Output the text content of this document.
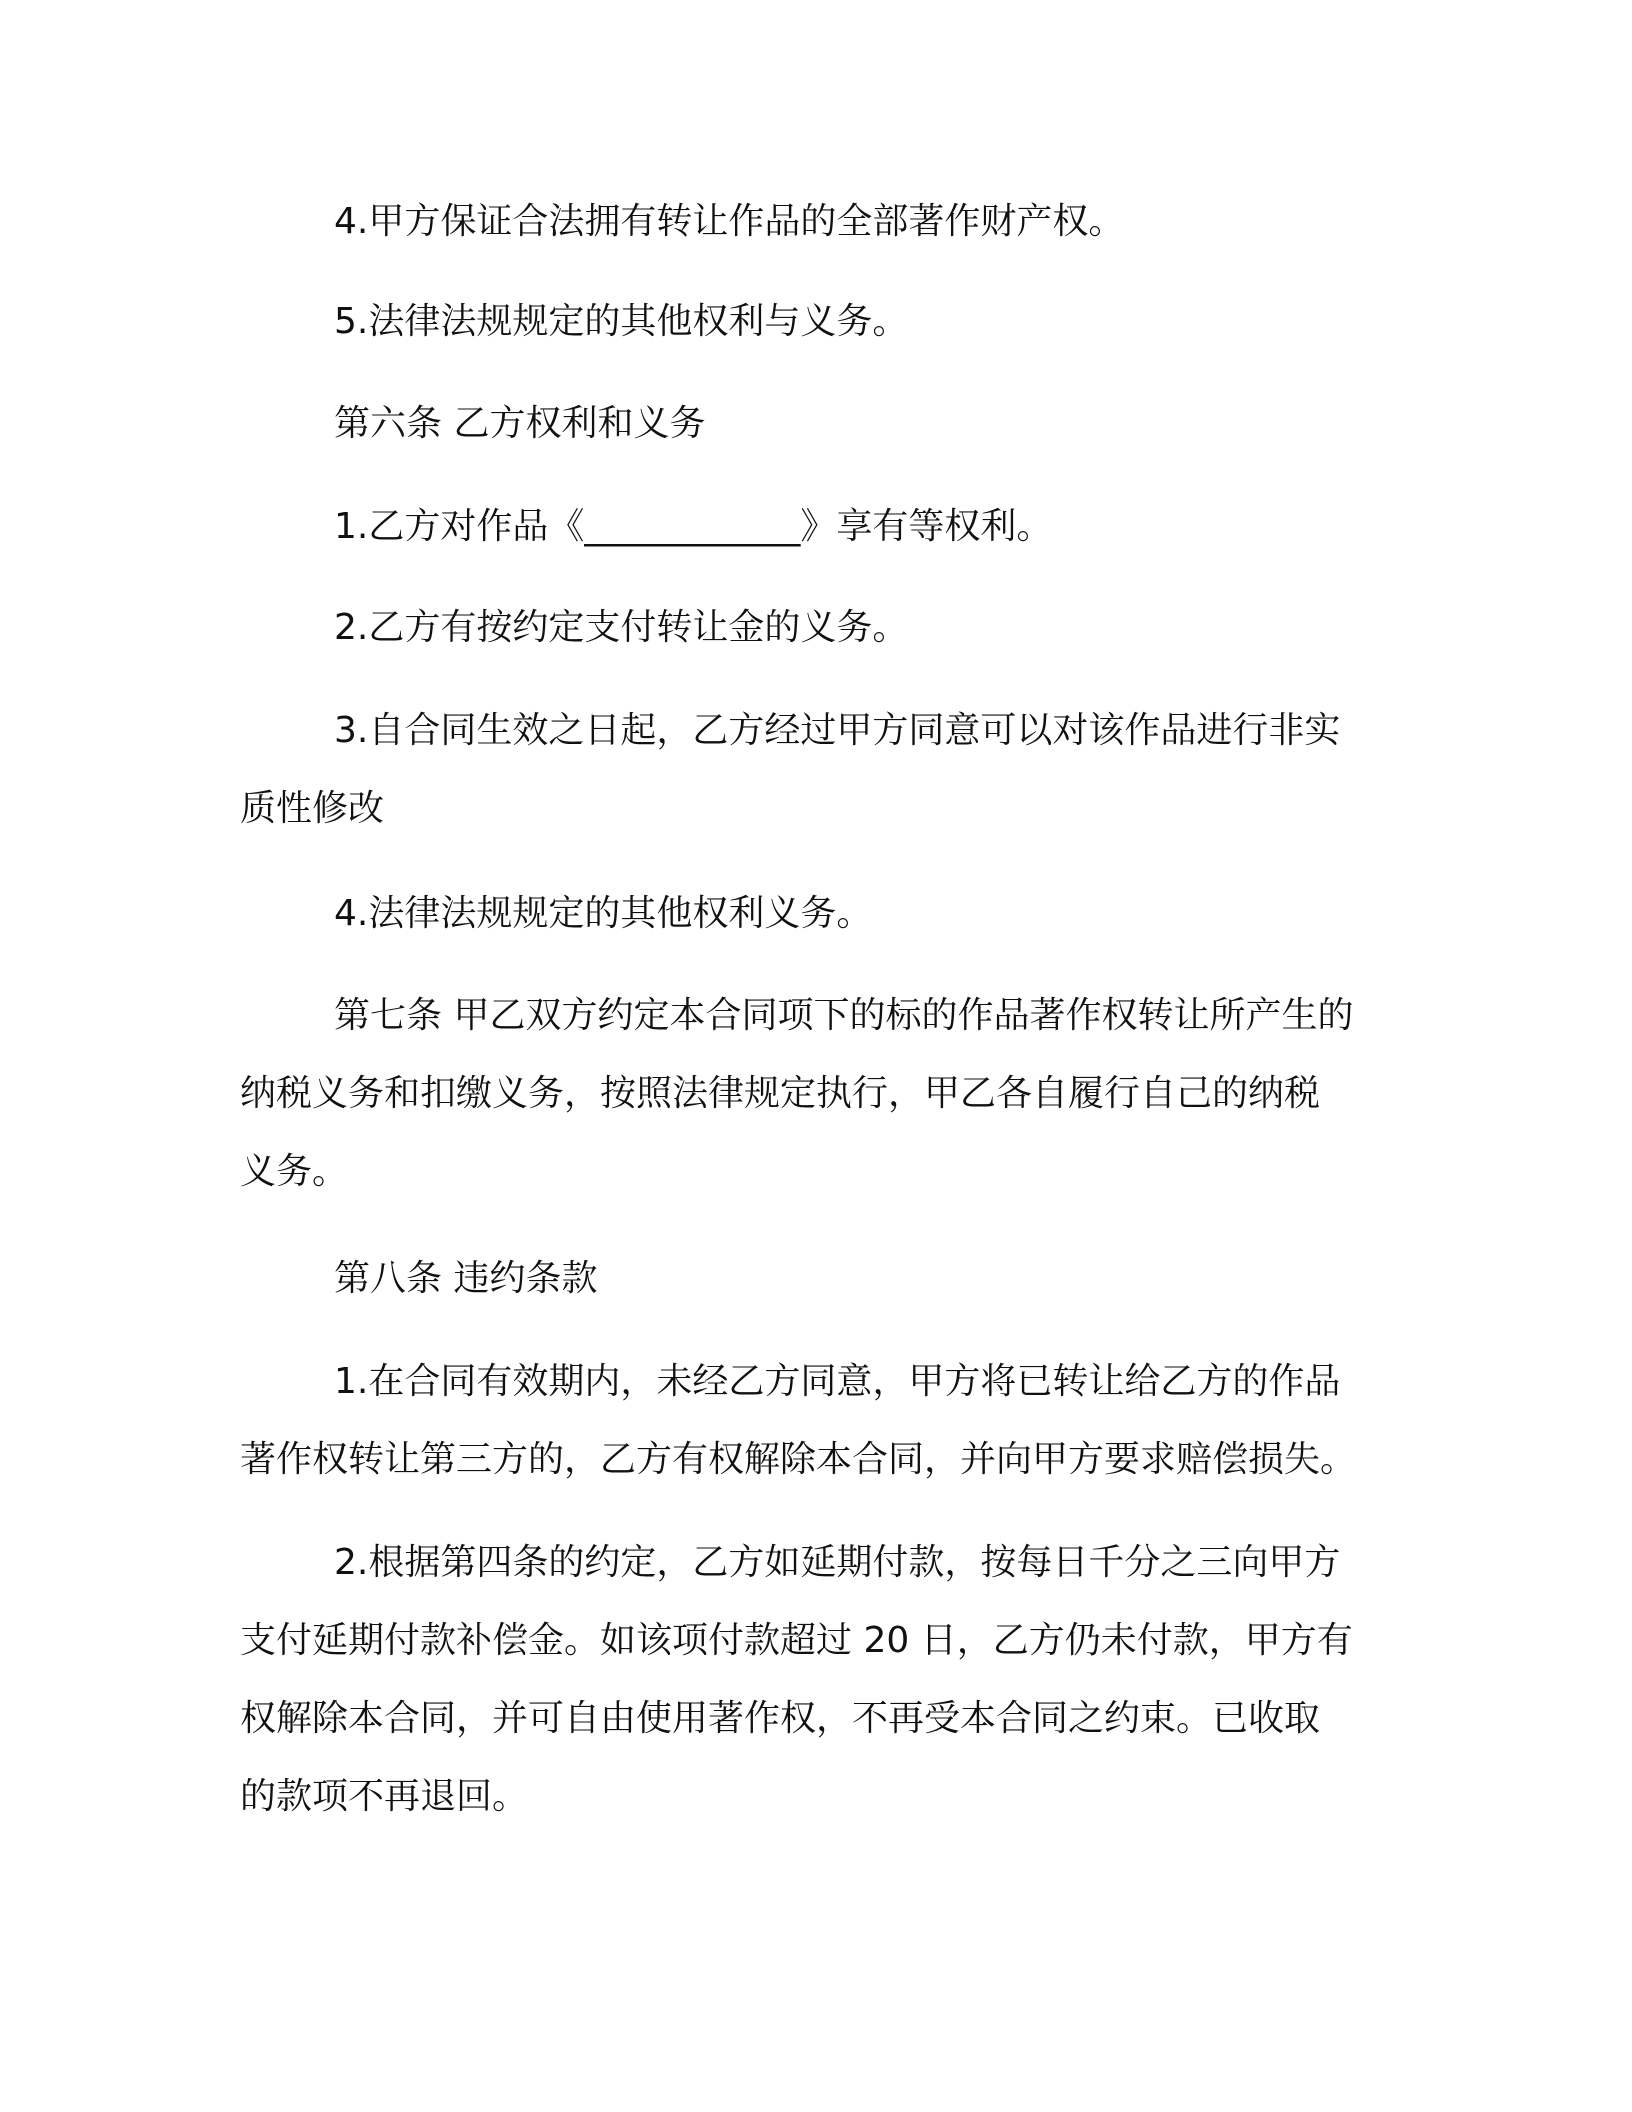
4.甲方保证合法拥有转让作品的全部著作财产权。

5.法律法规规定的其他权利与义务。

第六条 乙方权利和义务

1.乙方对作品《____________》享有等权利。

2.乙方有按约定支付转让金的义务。

3.自合同生效之日起，乙方经过甲方同意可以对该作品进行非实
质性修改

4.法律法规规定的其他权利义务。

第七条 甲乙双方约定本合同项下的标的作品著作权转让所产生的
纳税义务和扣缴义务，按照法律规定执行，甲乙各自履行自己的纳税
义务。

第八条 违约条款

1.在合同有效期内，未经乙方同意，甲方将已转让给乙方的作品
著作权转让第三方的，乙方有权解除本合同，并向甲方要求赔偿损失。

2.根据第四条的约定，乙方如延期付款，按每日千分之三向甲方
支付延期付款补偿金。如该项付款超过 20 日，乙方仍未付款，甲方有
权解除本合同，并可自由使用著作权，不再受本合同之约束。已收取
的款项不再退回。
